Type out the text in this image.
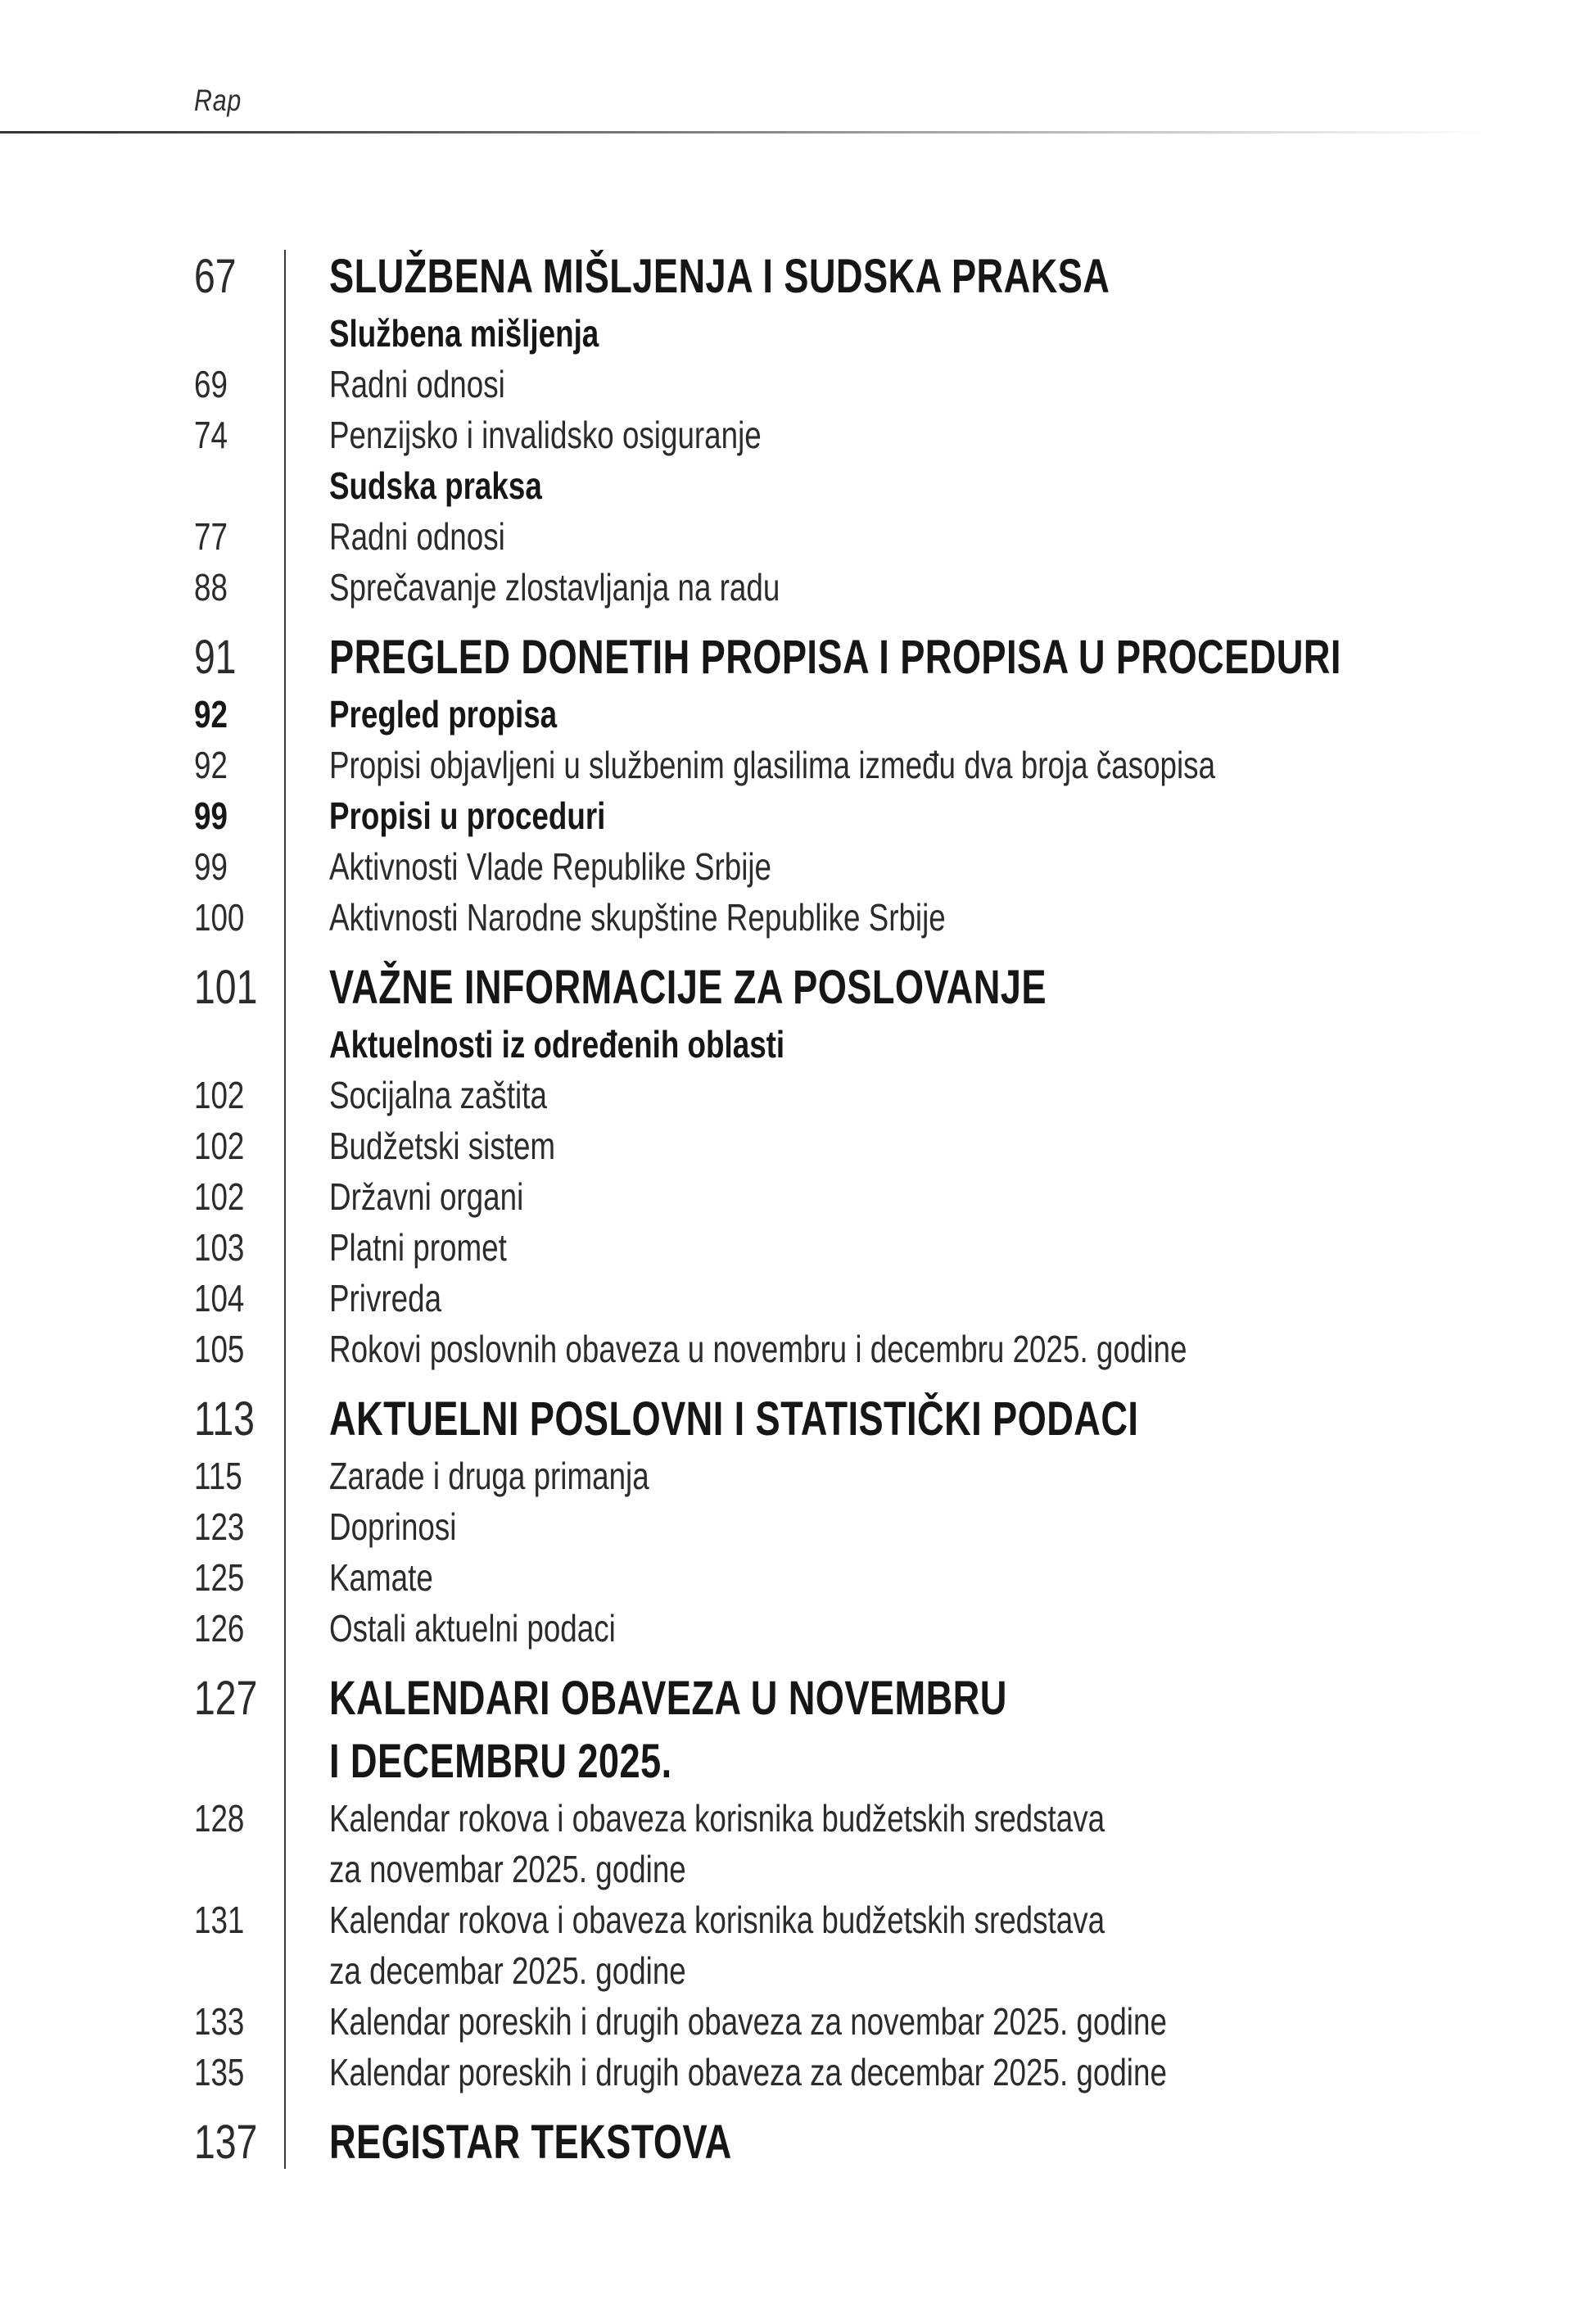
Rap
67	SLUŽBENA MIŠLJENJA I SUDSKA PRAKSA
Službena mišljenja
69	Radni odnosi
74	Penzijsko i invalidsko osiguranje
Sudska praksa
77	Radni odnosi
88	Sprečavanje zlostavljanja na radu
91	PREGLED DONETIH PROPISA I PROPISA U PROCEDURI
92	Pregled propisa
92	Propisi objavljeni u službenim glasilima između dva broja časopisa
99	Propisi u proceduri
99	Aktivnosti Vlade Republike Srbije
100	Aktivnosti Narodne skupštine Republike Srbije
101 VAŽNE INFORMACIJE ZA POSLOVANJE
Aktuelnosti iz određenih oblasti
102	Socijalna zaštita
102	Budžetski sistem
102	Državni organi
103	Platni promet
104	Privreda
105	Rokovi poslovnih obaveza u novembru i decembru 2025. godine
113 AKTUELNI POSLOVNI I STATISTIČKI PODACI
115	Zarade i druga primanja
123	Doprinosi
125	Kamate
126	Ostali aktuelni podaci
127 KALENDARI OBAVEZA U NOVEMBRU
I DECEMBRU 2025.
128	Kalendar rokova i obaveza korisnika budžetskih sredstava
za novembar 2025. godine
131	Kalendar rokova i obaveza korisnika budžetskih sredstava
za decembar 2025. godine
133	Kalendar poreskih i drugih obaveza za novembar 2025. godine
135	Kalendar poreskih i drugih obaveza za decembar 2025. godine
137 REGISTAR TEKSTOVA
